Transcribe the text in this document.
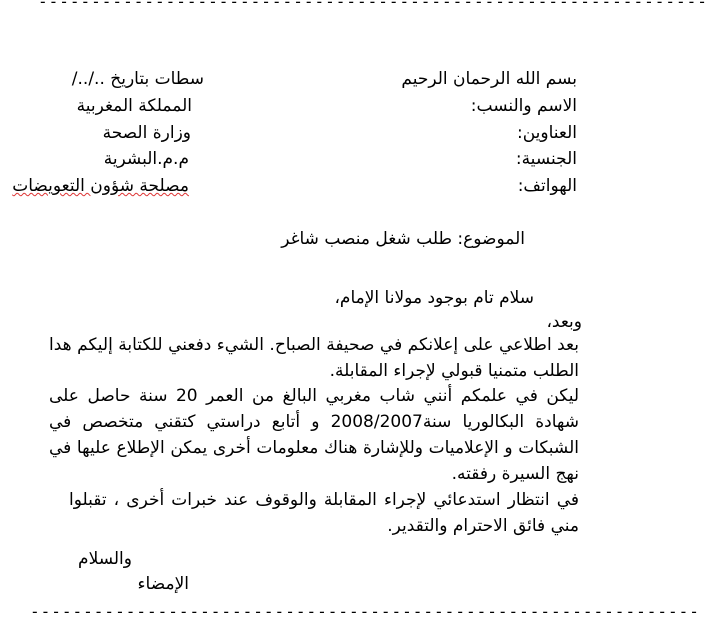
---------------------------------------------------------------
بسم الله الرحمان الرحيم
الاسم والنسب:
العناوين:
الجنسية:
الهواتف:
سطات بتاريخ ../../
المملكة المغربية
وزارة الصحة
م.م.البشرية
مصلحة شؤون التعويضات
الموضوع: طلب شغل منصب شاغر
سلام تام بوجود مولانا الإمام،
وبعد،
بعد اطلاعي على إعلانكم في صحيفة الصباح. الشيء دفعني للكتابة إليكم هدا الطلب متمنيا قبولي لإجراء المقابلة.
ليكن في علمكم أنني شاب مغربي البالغ من العمر 20 سنة حاصل على شهادة البكالوريا سنة2008/2007 و أتابع دراستي كتقني متخصص في الشبكات و الإعلاميات وللإشارة هناك معلومات أخرى يمكن الإطلاع عليها في نهج السيرة رفقته.
في انتظار استدعائي لإجراء المقابلة والوقوف عند خبرات أخرى ، تقبلوا مني فائق الاحترام والتقدير.
والسلام
الإمضاء
---------------------------------------------------------------
